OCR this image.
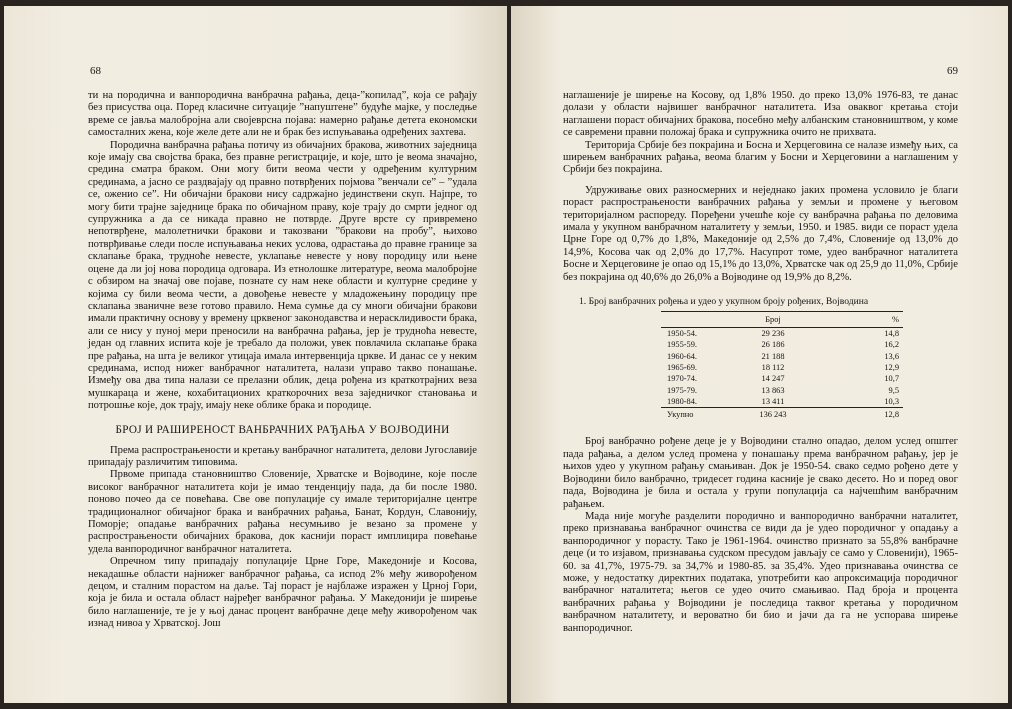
68

ти на породична и ванпородична ванбрачна рађања, деца-”копилад”, која се рађају без присуства оца. Поред класичне ситуације ”напуштене” будуће мајке, у последње време се јавља малобројна али својеврсна појава: намерно рађање детета економски самосталних жена, које желе дете али не и брак без испуњавања одређених захтева.

Породична ванбрачна рађања потичу из обичајних бракова, животних заједница које имају сва својства брака, без правне регистрације, и које, што је веома значајно, средина сматра браком. Они могу бити веома чести у одређеним културним срединама, а јасно се раздвајају од правно потврђених појмова ”венчали се” – ”удала се, оженио се”. Ни обичајни бракови нису садржајно јединствени скуп. Најпре, то могу бити трајне заједнице брака по обичајном праву, које трају до смрти једног од супружника а да се никада правно не потврде. Друге врсте су привремено непотврђене, малолетнички бракови и такозвани ”бракови на пробу”, њихово потврђивање следи после испуњавања неких услова, одрастања до правне границе за склапање брака, трудноће невесте, уклапање невесте у нову породицу или њене оцене да ли јој нова породица одговара. Из етнолошке литературе, веома малобројне с обзиром на значај ове појаве, познате су нам неке области и културне средине у којима су били веома чести, а довођење невесте у младожењину породицу пре склапања званичне везе готово правило. Нема сумње да су многи обичајни бракови имали практичну основу у времену црквеног законодавства и нерасклидивости брака, али се нису у пуној мери преносили на ванбрачна рађања, јер је трудноћа невесте, један од главних испита које је требало да положи, увек повлачила склапање брака пре рађања, на шта је великог утицаја имала интервенција цркве. И данас се у неким срединама, испод нижег ванбрачног наталитета, налази управо такво понашање. Између ова два типа налази се прелазни облик, деца рођена из краткотрајних веза мушкараца и жене, кохабитационих краткорочних веза заједничког становања и потрошње које, док трају, имају неке облике брака и породице.

БРОЈ И РАШИРЕНОСТ ВАНБРАЧНИХ РАЂАЊА У ВОЈВОДИНИ

Према распрострањености и кретању ванбрачног наталитета, делови Југославије припадају различитим типовима.

Првоме припада становништво Словеније, Хрватске и Војводине, које после високог ванбрачног наталитета који је имао тенденцију пада, да би после 1980. поново почео да се повећава. Све ове популације су имале територијалне центре традиционалног обичајног брака и ванбрачних рађања, Банат, Кордун, Славонију, Поморје; опадање ванбрачних рађања несумњиво је везано за промене у распрострањености обичајних бракова, док каснији пораст имплицира повећање удела ванпородичног ванбрачног наталитета.

Опречном типу припадају популације Црне Горе, Македоније и Косова, некадашње области најнижег ванбрачног рађања, са испод 2% међу живорођеном децом, и сталним порастом на даље. Тај пораст је најблаже изражен у Црној Гори, која је била и остала област најређег ванбрачног рађања. У Македонији је ширење било наглашеније, те је у њој данас процент ванбрачне деце међу живорођеном чак изнад нивоа у Хрватској. Још

69

наглашеније је ширење на Косову, од 1,8% 1950. до преко 13,0% 1976-83, те данас долази у области највишег ванбрачног наталитета. Иза оваквог кретања стоји наглашени пораст обичајних бракова, посебно међу албанским становништвом, у коме се савремени правни положај брака и супружника очито не прихвата.

Територија Србије без покрајина и Босна и Херцеговина се налазе између њих, са ширењем ванбрачних рађања, веома благим у Босни и Херцеговини а наглашеним у Србији без покрајина.

Удруживање ових разносмерних и неједнако јаких промена условило је благи пораст распрострањености ванбрачних рађања у земљи и промене у његовом територијалном распореду. Поређени учешће које су ванбрачна рађања по деловима имала у укупном ванбрачном наталитету у земљи, 1950. и 1985. види се пораст удела Црне Горе од 0,7% до 1,8%, Македоније од 2,5% до 7,4%, Словеније од 13,0% до 14,9%, Косова чак од 2,0% до 17,7%. Насупрот томе, удео ванбрачног наталитета Босне и Херцеговине је опао од 15,1% до 13,0%, Хрватске чак од 25,9 до 11,0%, Србије без покрајина од 40,6% до 26,0% а Војводине од 19,9% до 8,2%.

1. Број ванбрачних рођења и удео у укупном броју рођених, Војводина
	Број	%
1950-54.	29 236	14,8
1955-59.	26 186	16,2
1960-64.	21 188	13,6
1965-69.	18 112	12,9
1970-74.	14 247	10,7
1975-79.	13 863	9,5
1980-84.	13 411	10,3
Укупно	136 243	12,8

Број ванбрачно рођене деце је у Војводини стално опадао, делом услед општег пада рађања, а делом услед промена у понашању према ванбрачном рађању, јер је њихов удео у укупном рађању смањиван. Док је 1950-54. свако седмо рођено дете у Војводини било ванбрачно, тридесет година касније је свако десето. Но и поред овог пада, Војводина је била и остала у групи популација са најчешћим ванбрачним рађањем.

Мада није могуће разделити породично и ванпородично ванбрачни наталитет, преко признавања ванбрачног очинства се види да је удео породичног у опадању а ванпородичног у порасту. Тако је 1961-1964. очинство признато за 55,8% ванбрачне деце (и то изјавом, признавања судском пресудом јављају се само у Словенији), 1965-60. за 41,7%, 1975-79. за 34,7% и 1980-85. за 35,4%. Удео признавања очинства се може, у недостатку директних података, употребити као апроксимација породичног ванбрачног наталитета; његов се удео очито смањивао. Пад броја и процента ванбрачних рађања у Војводини је последица таквог кретања у породичном ванбрачном наталитету, и вероватно би био и јачи да га не успорава ширење ванпородичног.
